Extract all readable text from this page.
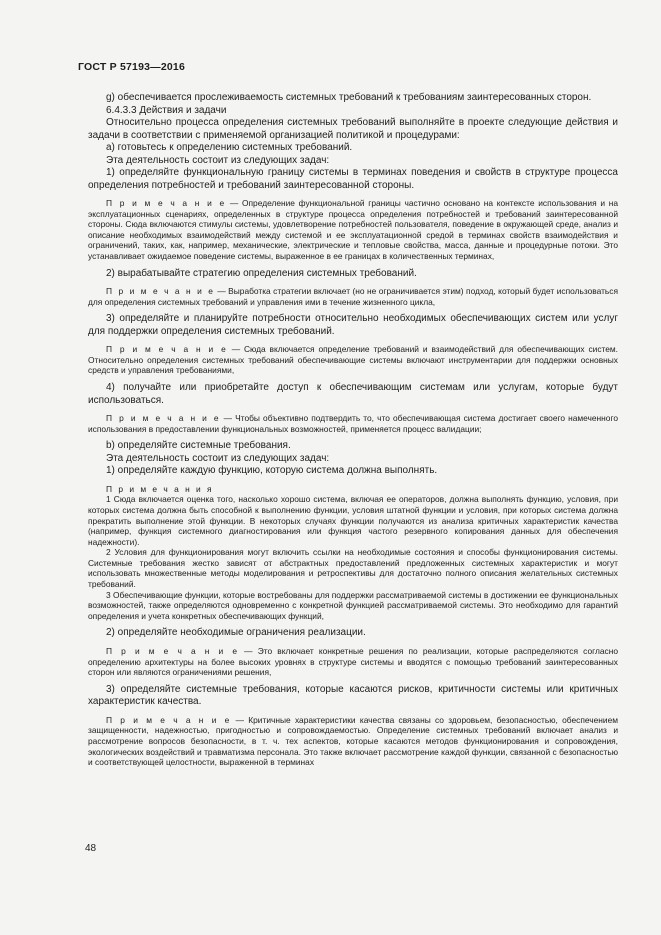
ГОСТ Р 57193—2016

g) обеспечивается прослеживаемость системных требований к требованиям заинтересованных сторон.

6.4.3.3 Действия и задачи

Относительно процесса определения системных требований выполняйте в проекте следующие действия и задачи в соответствии с применяемой организацией политикой и процедурами:

a) готовьтесь к определению системных требований.

Эта деятельность состоит из следующих задач:

1) определяйте функциональную границу системы в терминах поведения и свойств в структуре процесса определения потребностей и требований заинтересованной стороны.

П р и м е ч а н и е — Определение функциональной границы частично основано на контексте использования и на эксплуатационных сценариях, определенных в структуре процесса определения потребностей и требований заинтересованной стороны. Сюда включаются стимулы системы, удовлетворение потребностей пользователя, поведение в окружающей среде, анализ и описание необходимых взаимодействий между системой и ее эксплуатационной средой в терминах свойств взаимодействия и ограничений, таких, как, например, механические, электрические и тепловые свойства, масса, данные и процедурные потоки. Это устанавливает ожидаемое поведение системы, выраженное в ее границах в количественных терминах,

2) вырабатывайте стратегию определения системных требований.

П р и м е ч а н и е — Выработка стратегии включает (но не ограничивается этим) подход, который будет использоваться для определения системных требований и управления ими в течение жизненного цикла,

3) определяйте и планируйте потребности относительно необходимых обеспечивающих систем или услуг для поддержки определения системных требований.

П р и м е ч а н и е — Сюда включается определение требований и взаимодействий для обеспечивающих систем. Относительно определения системных требований обеспечивающие системы включают инструментарии для поддержки основных средств и управления требованиями,

4) получайте или приобретайте доступ к обеспечивающим системам или услугам, которые будут использоваться.

П р и м е ч а н и е — Чтобы объективно подтвердить то, что обеспечивающая система достигает своего намеченного использования в предоставлении функциональных возможностей, применяется процесс валидации;

b) определяйте системные требования.

Эта деятельность состоит из следующих задач:

1) определяйте каждую функцию, которую система должна выполнять.

П р и м е ч а н и я

1 Сюда включается оценка того, насколько хорошо система, включая ее операторов, должна выполнять функцию, условия, при которых система должна быть способной к выполнению функции, условия штатной функции и условия, при которых система должна прекратить выполнение этой функции. В некоторых случаях функции получаются из анализа критичных характеристик качества (например, функция системного диагностирования или функция частого резервного копирования данных для обеспечения надежности).

2 Условия для функционирования могут включить ссылки на необходимые состояния и способы функционирования системы. Системные требования жестко зависят от абстрактных предоставлений предложенных системных характеристик и могут использовать множественные методы моделирования и ретроспективы для достаточно полного описания желательных системных требований.

3 Обеспечивающие функции, которые востребованы для поддержки рассматриваемой системы в достижении ее функциональных возможностей, также определяются одновременно с конкретной функцией рассматриваемой системы. Это необходимо для гарантий определения и учета конкретных обеспечивающих функций,

2) определяйте необходимые ограничения реализации.

П р и м е ч а н и е — Это включает конкретные решения по реализации, которые распределяются согласно определению архитектуры на более высоких уровнях в структуре системы и вводятся с помощью требований заинтересованных сторон или являются ограничениями решения,

3) определяйте системные требования, которые касаются рисков, критичности системы или критичных характеристик качества.

П р и м е ч а н и е — Критичные характеристики качества связаны со здоровьем, безопасностью, обеспечением защищенности, надежностью, пригодностью и сопровождаемостью. Определение системных требований включает анализ и рассмотрение вопросов безопасности, в т. ч. тех аспектов, которые касаются методов функционирования и сопровождения, экологических воздействий и травматизма персонала. Это также включает рассмотрение каждой функции, связанной с безопасностью и соответствующей целостности, выраженной в терминах

48
